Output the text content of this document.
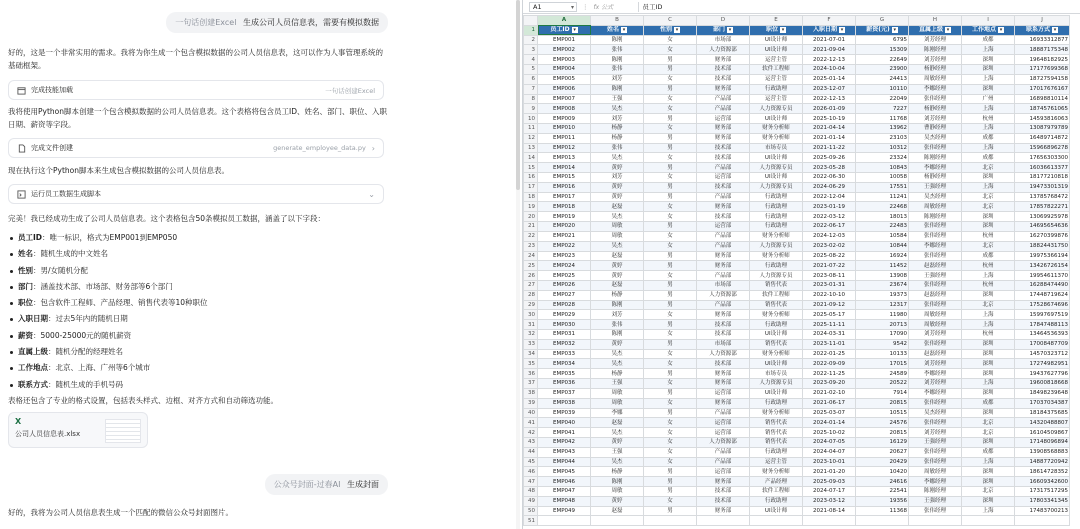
一句话创建Excel 生成公司人员信息表，需要有模拟数据
好的，这是一个非常实用的需求。我将为你生成一个包含模拟数据的公司人员信息表，这可以作为人事管理系统的基础框架。
完成技能加载	一句话创建Excel
我将使用Python脚本创建一个包含模拟数据的公司人员信息表。这个表格将包含员工ID、姓名、部门、职位、入职日期、薪资等字段。
完成文件创建	generate_employee_data.py ›
现在执行这个Python脚本来生成包含模拟数据的公司人员信息表。
运行员工数据生成脚本	⌄
完美！我已经成功生成了公司人员信息表。这个表格包含50条模拟员工数据，涵盖了以下字段：
员工ID：唯一标识，格式为EMP001到EMP050
姓名：随机生成的中文姓名
性别：男/女随机分配
部门：涵盖技术部、市场部、财务部等6个部门
职位：包含软件工程师、产品经理、销售代表等10种职位
入职日期：过去5年内的随机日期
薪资：5000-25000元的随机薪资
直属上级：随机分配的经理姓名
工作地点：北京、上海、广州等6个城市
联系方式：随机生成的手机号码
表格还包含了专业的格式设置，包括表头样式、边框、对齐方式和自动筛选功能。
X
公司人员信息表.xlsx
公众号封面-过春AI 生成封面
好的，我将为公司人员信息表生成一个匹配的微信公众号封面图片。
A1 ▾	⋮ fx 公式	员工ID
	A	B	C	D	E	F	G	H	I	J
1	员工ID ▾	姓名 ▾	性别 ▾	部门 ▾	职位 ▾	入职日期 ▾	薪资(元) ▾	直属上级 ▾	工作地点 ▾	联系方式 ▾
2	EMP001	陈刚	女	市场部	UI设计师	2021-07-01	6795	刘芳经理	成都	16933312877
3	EMP002	张伟	女	人力资源部	UI设计师	2021-09-04	15309	陈刚经理	上海	18887175348
4	EMP003	陈刚	男	财务部	运营主管	2022-12-13	22649	刘芳经理	深圳	19648182925
5	EMP004	张伟	男	技术部	软件工程师	2024-10-04	23900	杨静经理	深圳	17177699368
6	EMP005	刘芳	女	技术部	运营主管	2025-01-14	24413	周敏经理	上海	18727594158
7	EMP006	陈刚	男	财务部	行政助理	2023-12-07	10110	李娜经理	深圳	17017676167
8	EMP007	王强	女	产品部	运营主管	2022-12-13	22049	张伟经理	广州	16898810114
9	EMP008	吴杰	女	产品部	人力资源专员	2026-01-09	7227	杨静经理	上海	18745761065
10	EMP009	刘芳	男	运营部	UI设计师	2025-10-19	11768	刘芳经理	杭州	14593816063
11	EMP010	杨静	女	财务部	财务分析师	2021-04-14	13962	曹静经理	上海	13087979789
12	EMP011	杨静	男	财务部	财务分析师	2021-01-14	23103	吴杰经理	成都	16489714872
13	EMP012	张伟	男	技术部	市场专员	2021-11-22	10312	张伟经理	上海	15966896278
14	EMP013	吴杰	女	技术部	UI设计师	2025-09-26	23324	陈刚经理	成都	17656303300
15	EMP014	黄婷	男	产品部	人力资源专员	2023-05-28	10843	李娜经理	北京	16036613377
16	EMP015	刘芳	女	运营部	UI设计师	2022-06-30	10058	杨静经理	深圳	18177210818
17	EMP016	黄婷	男	技术部	人力资源专员	2024-06-29	17551	王强经理	上海	19473301319
18	EMP017	黄婷	男	产品部	行政助理	2022-12-04	11241	吴杰经理	北京	13785768472
19	EMP018	赵磊	女	财务部	行政助理	2023-01-19	22468	周敏经理	北京	17857822271
20	EMP019	吴杰	女	技术部	行政助理	2022-03-12	18013	陈刚经理	深圳	13069925978
21	EMP020	周敏	男	运营部	行政助理	2022-06-17	22483	张伟经理	深圳	14695654636
22	EMP021	周敏	女	产品部	财务分析师	2024-12-03	10584	张伟经理	杭州	16270399876
23	EMP022	吴杰	女	产品部	人力资源专员	2023-02-02	10844	李娜经理	北京	18824431750
24	EMP023	赵磊	男	财务部	财务分析师	2025-08-22	16924	张伟经理	成都	19975366194
25	EMP024	黄婷	男	财务部	行政助理	2021-07-22	11452	赵磊经理	杭州	13426726154
26	EMP025	黄婷	女	产品部	人力资源专员	2023-08-11	13908	王强经理	上海	19954611370
27	EMP026	赵磊	男	市场部	销售代表	2023-01-31	23674	张伟经理	杭州	16288474490
28	EMP027	杨静	男	人力资源部	软件工程师	2022-10-10	19373	赵磊经理	深圳	17448719624
29	EMP028	陈刚	男	产品部	销售代表	2021-09-12	12317	张伟经理	北京	17528674696
30	EMP029	刘芳	女	财务部	财务分析师	2025-05-17	11980	周敏经理	上海	15997697519
31	EMP030	张伟	男	技术部	行政助理	2025-11-11	20713	周敏经理	上海	17847488113
32	EMP031	陈刚	女	技术部	UI设计师	2024-03-31	17090	刘芳经理	杭州	13464536393
33	EMP032	黄婷	男	市场部	销售代表	2023-11-01	9542	张伟经理	深圳	17008487709
34	EMP033	吴杰	女	人力资源部	财务分析师	2022-01-25	10133	赵磊经理	深圳	14570323712
35	EMP034	吴杰	女	技术部	UI设计师	2022-09-09	17015	刘芳经理	深圳	17274982951
36	EMP035	杨静	男	财务部	市场专员	2022-11-25	24589	李娜经理	深圳	19437627796
37	EMP036	王强	女	财务部	人力资源专员	2023-09-20	20522	刘芳经理	上海	19600818668
38	EMP037	周敏	男	运营部	UI设计师	2021-02-10	7914	李娜经理	深圳	18498239648
39	EMP038	周敏	女	财务部	行政助理	2021-06-17	20815	张伟经理	成都	17037034387
40	EMP039	李娜	男	产品部	财务分析师	2025-03-07	10515	吴杰经理	深圳	18184375685
41	EMP040	赵磊	女	运营部	销售代表	2024-01-14	24576	张伟经理	北京	14320488807
42	EMP041	吴杰	女	运营部	销售代表	2025-10-02	20815	刘芳经理	北京	16104509867
43	EMP042	黄婷	女	人力资源部	销售代表	2024-07-05	16129	王强经理	深圳	17148096894
44	EMP043	王强	女	产品部	行政助理	2024-04-07	20627	张伟经理	成都	13908568883
45	EMP044	吴杰	女	产品部	运营主管	2023-10-01	20429	张伟经理	上海	14887720942
46	EMP045	杨静	男	运营部	财务分析师	2021-01-20	10420	周敏经理	深圳	18614728352
47	EMP046	陈刚	男	财务部	产品经理	2025-09-03	24616	李娜经理	深圳	16609342600
48	EMP047	周敏	男	技术部	软件工程师	2024-07-17	22541	陈刚经理	北京	17317517295
49	EMP048	黄婷	女	技术部	行政助理	2023-03-12	19356	王强经理	深圳	17803341345
50	EMP049	赵磊	男	财务部	UI设计师	2021-08-14	11368	张伟经理	上海	17483700213
51										
